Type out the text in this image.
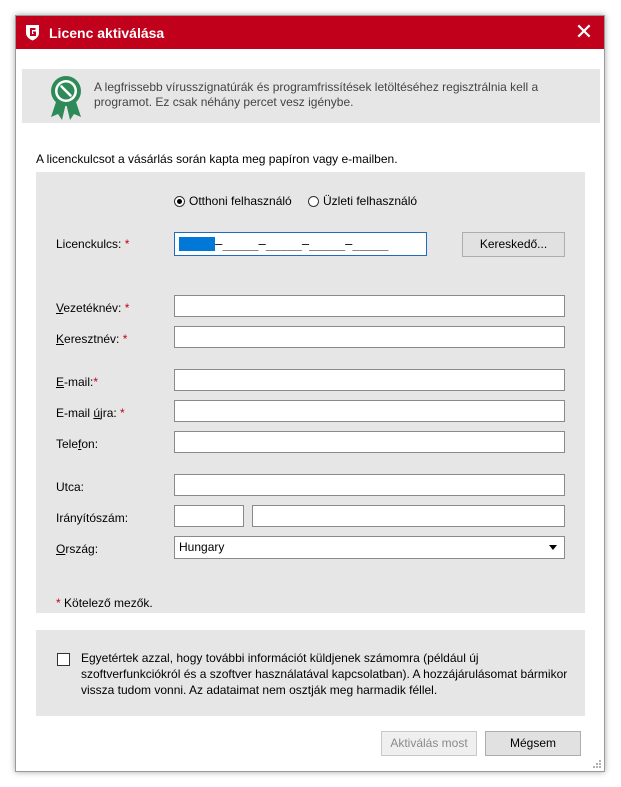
Licenc aktiválása	✕
A legfrissebb vírusszignatúrák és programfrissítések letöltéséhez regisztrálnia kell a programot. Ez csak néhány percet vesz igénybe.
A licenckulcsot a vásárlás során kapta meg papíron vagy e-mailben.
Otthoni felhasználó	Üzleti felhasználó
Licenckulcs: *	_____–_____–_____–_____–_____	Kereskedő...
Vezetéknév: *
Keresztnév: *
E-mail:*
E-mail újra: *
Telefon:
Utca:
Irányítószám:
Ország:	Hungary
* Kötelező mezők.
Egyetértek azzal, hogy további információt küldjenek számomra (például új szoftverfunkciókról és a szoftver használatával kapcsolatban). A hozzájárulásomat bármikor vissza tudom vonni. Az adataimat nem osztják meg harmadik féllel.
Aktiválás most	Mégsem
